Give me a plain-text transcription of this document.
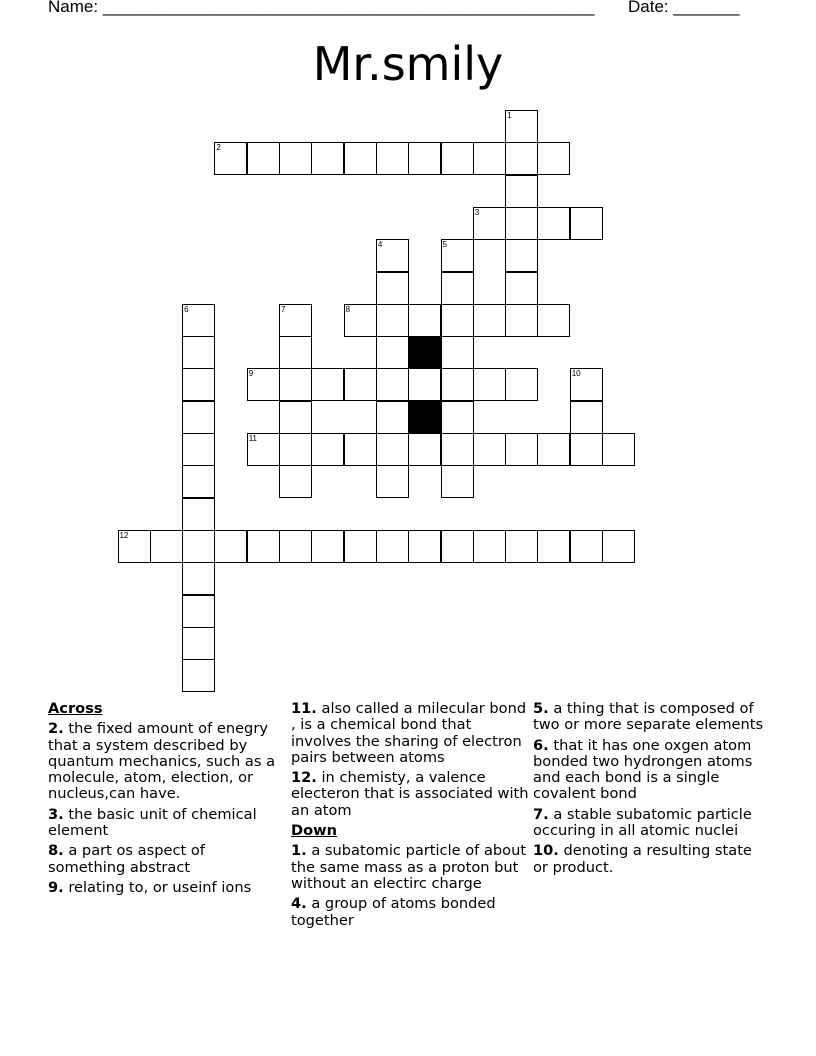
Name: ____________________________________________________ Date: _______
Mr.smily
1
2
3
4	5
6	7	8
9	10
11
12
Across
2. the fixed amount of enegry that a system described by quantum mechanics, such as a molecule, atom, election, or nucleus,can have.
3. the basic unit of chemical element
8. a part os aspect of something abstract
9. relating to, or useinf ions
11. also called a milecular bond , is a chemical bond that involves the sharing of electron pairs between atoms
12. in chemisty, a valence electeron that is associated with an atom
Down
1. a subatomic particle of about the same mass as a proton but without an electirc charge
4. a group of atoms bonded together
5. a thing that is composed of two or more separate elements
6. that it has one oxgen atom bonded two hydrongen atoms and each bond is a single covalent bond
7. a stable subatomic particle occuring in all atomic nuclei
10. denoting a resulting state or product.
